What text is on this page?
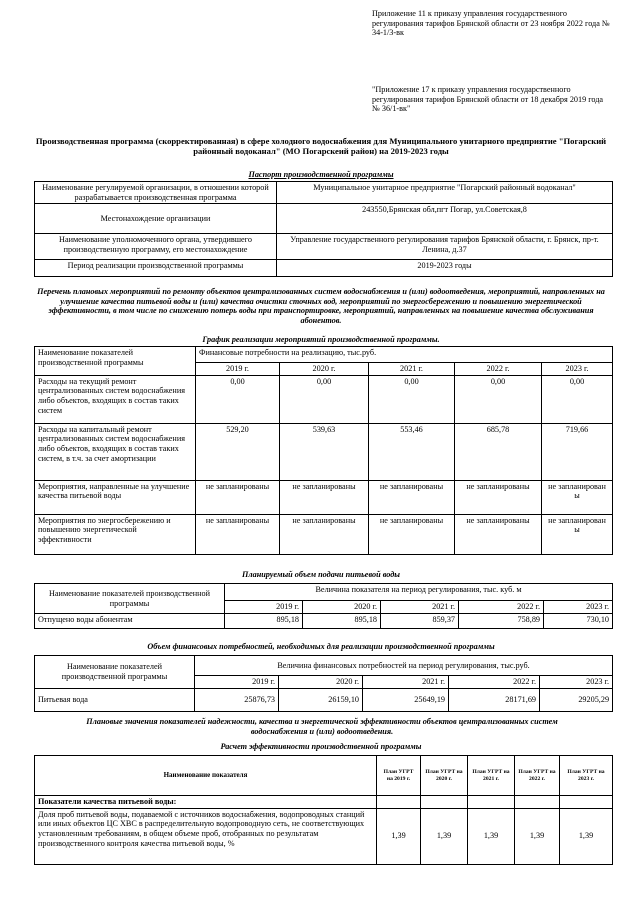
Приложение 11 к приказу управления государственного регулирования тарифов Брянской области от 23 ноября 2022 года № 34-1/3-вк
"Приложение 17 к приказу управления государственного регулирования тарифов Брянской области от 18 декабря 2019 года № 36/1-вк"
Производственная программа (скорректированная) в сфере холодного водоснабжения для Муниципального унитарного предприятие "Погарский районный водоканал" (МО Погарскеий район) на 2019-2023 годы
Паспорт производственной программы
Наименование регулируемой организации, в отношении которой разрабатывается производственная программа	Муниципальное унитарное предприятие "Погарский районный водоканал"
Местонахождение организации	243550,Брянская обл,пгт Погар, ул.Советская,8
Наименование уполномоченного органа, утвердившего производственную программу, его местонахождение	Управление государственного регулирования тарифов Брянской области, г. Брянск, пр-т. Ленина, д.37
Период реализации производственной программы	2019-2023 годы
Перечень плановых мероприятий по ремонту объектов централизованных систем водоснабжения и (или) водоотведения, мероприятий, направленных на улучшение качества питьевой воды и (или) качества очистки сточных вод, мероприятий по энергосбережению и повышению энергетической эффективности, в том числе по снижению потерь воды при транспортировке, мероприятий, направленных на повышение качества обслуживания абонентов.
График реализации мероприятий производственной программы.
Наименование показателей производственной программы	Финансовые потребности на реализацию, тыс.руб.				
	2019 г.	2020 г.	2021 г.	2022 г.	2023 г.
Расходы на текущий ремонт централизованных систем водоснабжения либо объектов, входящих в состав таких систем	0,00	0,00	0,00	0,00	0,00
Расходы на капитальный ремонт централизованных систем водоснабжения либо объектов, входящих в состав таких систем, в т.ч. за счет амортизации	529,20	539,63	553,46	685,78	719,66
Мероприятия, направленные на улучшение качества питьевой воды	не запланированы	не запланированы	не запланированы	не запланированы	не запланирован ы
Мероприятия по энергосбережению и повышению энергетической эффективности	не запланированы	не запланированы	не запланированы	не запланированы	не запланирован ы
Планируемый объем подачи питьевой воды
Наименование показателей производственной программы	Величина показателя на период регулирования, тыс. куб. м				
	2019 г.	2020 г.	2021 г.	2022 г.	2023 г.
Отпущено воды абонентам	895,18	895,18	859,37	758,89	730,10
Объем финансовых потребностей, необходимых для реализации производственной программы
Наименование показателей производственной программы	Величина финансовых потребностей на период регулирования, тыс.руб.				
	2019 г.	2020 г.	2021 г.	2022 г.	2023 г.
Питьевая вода	25876,73	26159,10	25649,19	28171,69	29205,29
Плановые значения показателей надежности, качества и энергетической эффективности объектов централизованных систем водоснабжения и (или) водоотведения.
Расчет эффективности производственной программы
Наименование показателя	План УГРТ на 2019 г.	План УГРТ на 2020 г.	План УГРТ на 2021 г.	План УГРТ на 2022 г.	План УГРТ на 2023 г.
Показатели качества питьевой воды:					
Доля проб питьевой воды, подаваемой с источников водоснабжения, водопроводных станций или иных объектов ЦС ХВС в распределительную водопроводную сеть, не соответствующих установленным требованиям, в общем объеме проб, отобранных по результатам производственного контроля качества питьевой воды, %	1,39	1,39	1,39	1,39	1,39
